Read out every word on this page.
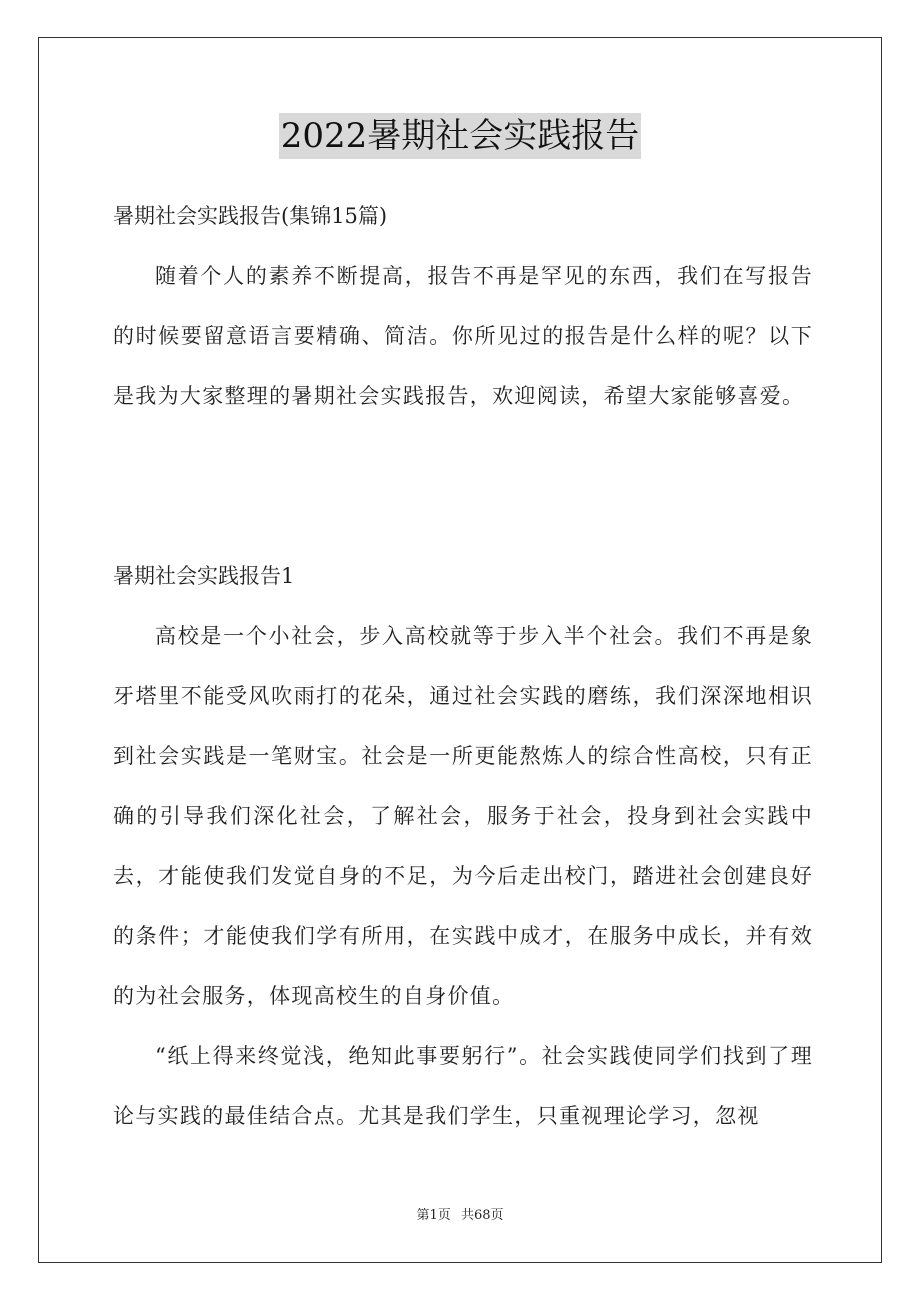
2022暑期社会实践报告
暑期社会实践报告(集锦15篇)
随着个人的素养不断提高，报告不再是罕见的东西，我们在写报告的时候要留意语言要精确、简洁。你所见过的报告是什么样的呢？以下是我为大家整理的暑期社会实践报告，欢迎阅读，希望大家能够喜爱。
暑期社会实践报告1
高校是一个小社会，步入高校就等于步入半个社会。我们不再是象牙塔里不能受风吹雨打的花朵，通过社会实践的磨练，我们深深地相识到社会实践是一笔财宝。社会是一所更能熬炼人的综合性高校，只有正确的引导我们深化社会，了解社会，服务于社会，投身到社会实践中去，才能使我们发觉自身的不足，为今后走出校门，踏进社会创建良好的条件；才能使我们学有所用，在实践中成才，在服务中成长，并有效的为社会服务，体现高校生的自身价值。
“纸上得来终觉浅，绝知此事要躬行”。社会实践使同学们找到了理论与实践的最佳结合点。尤其是我们学生，只重视理论学习，忽视
第1页 共68页
